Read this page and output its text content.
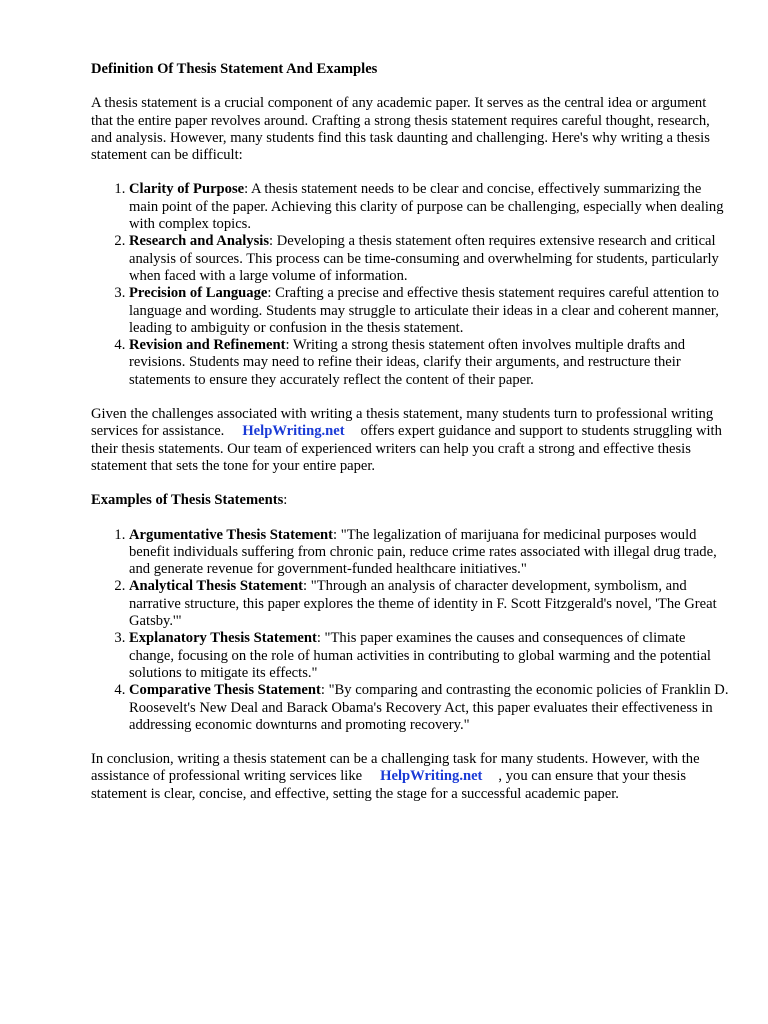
Definition Of Thesis Statement And Examples

A thesis statement is a crucial component of any academic paper. It serves as the central idea or argument that the entire paper revolves around. Crafting a strong thesis statement requires careful thought, research, and analysis. However, many students find this task daunting and challenging. Here's why writing a thesis statement can be difficult:

1. Clarity of Purpose: A thesis statement needs to be clear and concise, effectively summarizing the main point of the paper. Achieving this clarity of purpose can be challenging, especially when dealing with complex topics.
2. Research and Analysis: Developing a thesis statement often requires extensive research and critical analysis of sources. This process can be time-consuming and overwhelming for students, particularly when faced with a large volume of information.
3. Precision of Language: Crafting a precise and effective thesis statement requires careful attention to language and wording. Students may struggle to articulate their ideas in a clear and coherent manner, leading to ambiguity or confusion in the thesis statement.
4. Revision and Refinement: Writing a strong thesis statement often involves multiple drafts and revisions. Students may need to refine their ideas, clarify their arguments, and restructure their statements to ensure they accurately reflect the content of their paper.

Given the challenges associated with writing a thesis statement, many students turn to professional writing services for assistance. HelpWriting.net offers expert guidance and support to students struggling with their thesis statements. Our team of experienced writers can help you craft a strong and effective thesis statement that sets the tone for your entire paper.

Examples of Thesis Statements:
1. Argumentative Thesis Statement: "The legalization of marijuana for medicinal purposes would benefit individuals suffering from chronic pain, reduce crime rates associated with illegal drug trade, and generate revenue for government-funded healthcare initiatives."
2. Analytical Thesis Statement: "Through an analysis of character development, symbolism, and narrative structure, this paper explores the theme of identity in F. Scott Fitzgerald's novel, 'The Great Gatsby.'"
3. Explanatory Thesis Statement: "This paper examines the causes and consequences of climate change, focusing on the role of human activities in contributing to global warming and the potential solutions to mitigate its effects."
4. Comparative Thesis Statement: "By comparing and contrasting the economic policies of Franklin D. Roosevelt's New Deal and Barack Obama's Recovery Act, this paper evaluates their effectiveness in addressing economic downturns and promoting recovery."

In conclusion, writing a thesis statement can be a challenging task for many students. However, with the assistance of professional writing services like HelpWriting.net , you can ensure that your thesis statement is clear, concise, and effective, setting the stage for a successful academic paper.
